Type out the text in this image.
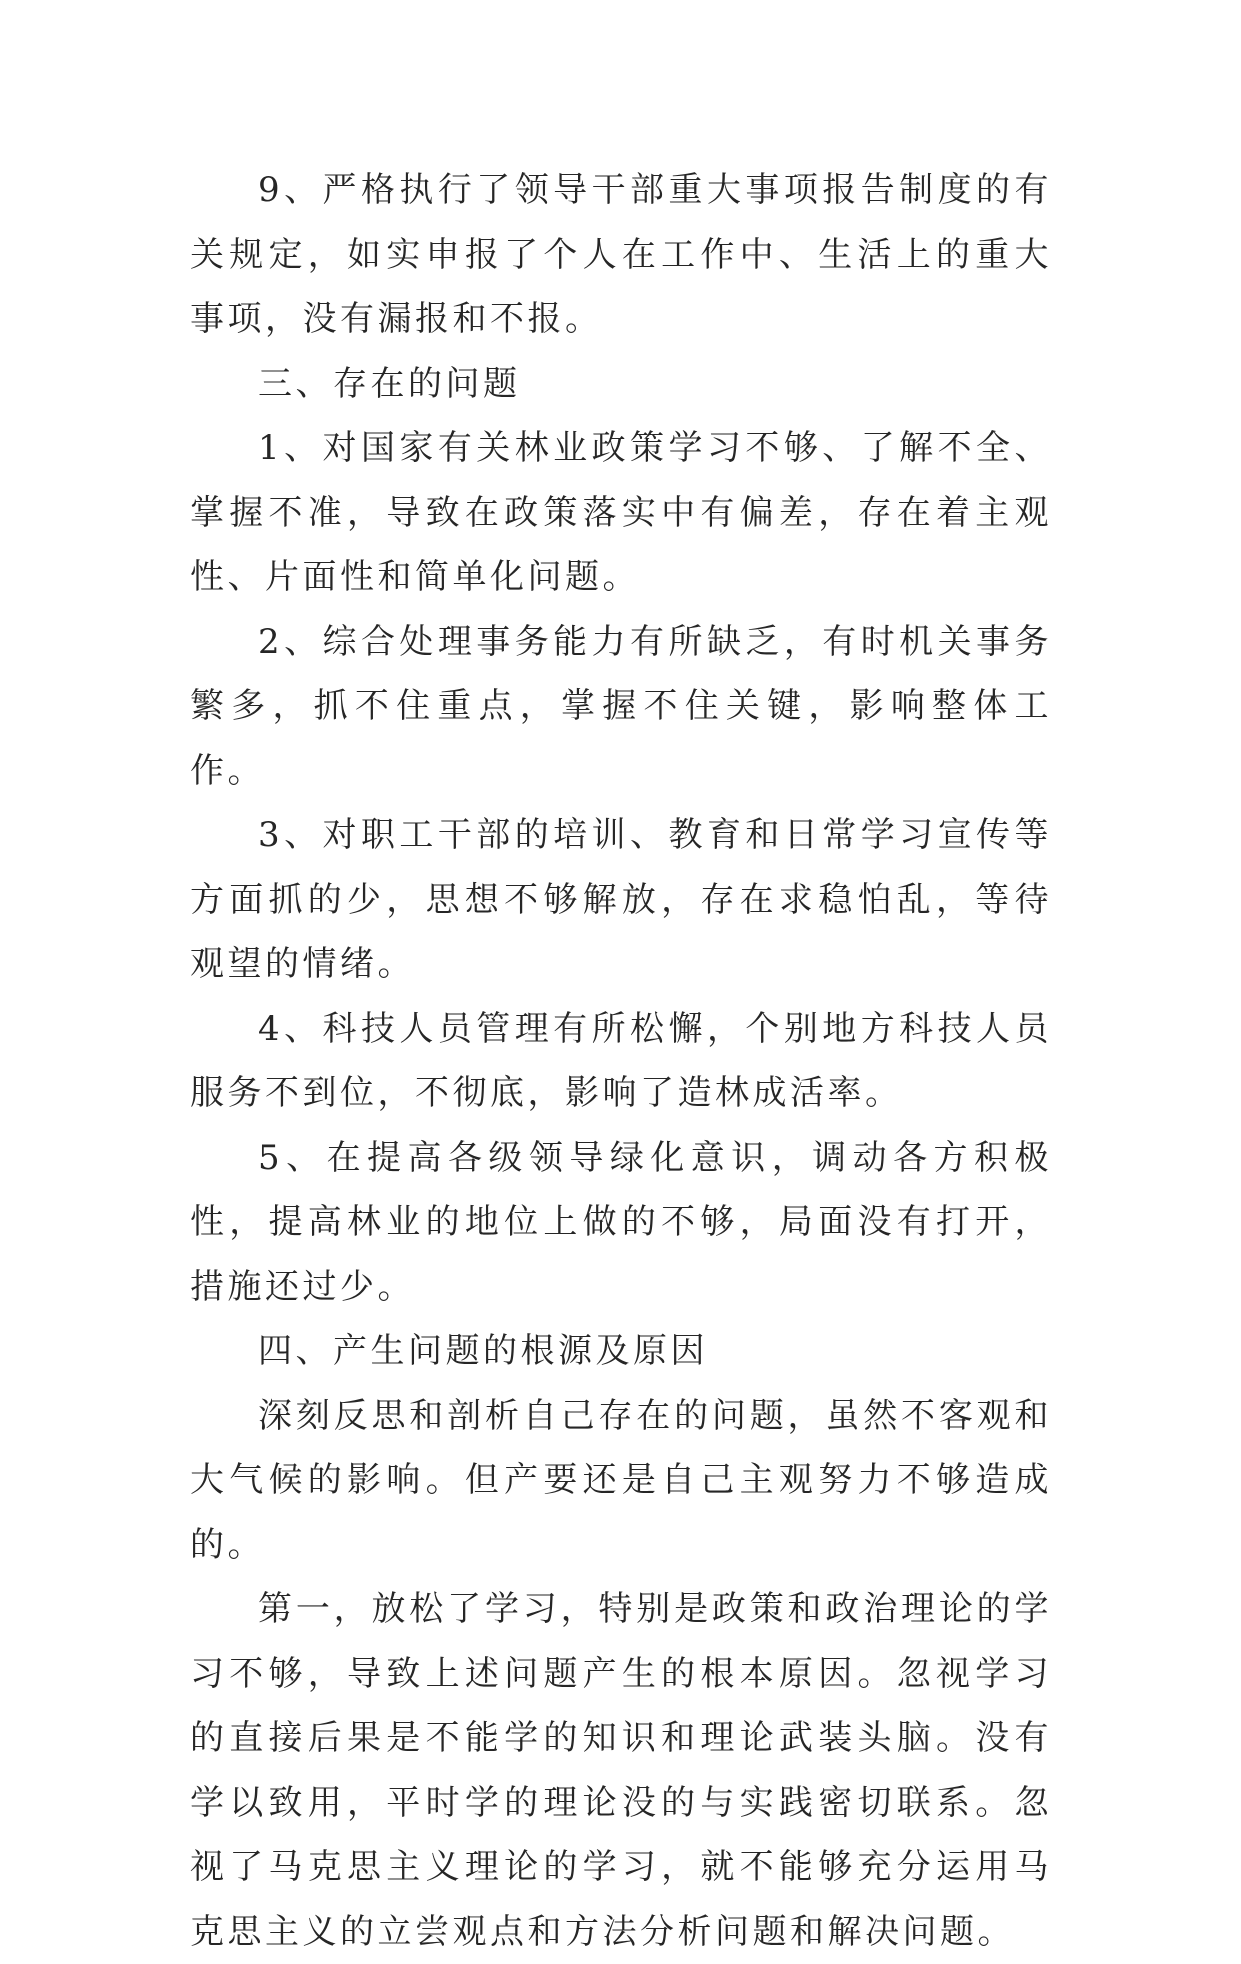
9、严格执行了领导干部重大事项报告制度的有关规定，如实申报了个人在工作中、生活上的重大事项，没有漏报和不报。

三、存在的问题

1、对国家有关林业政策学习不够、了解不全、掌握不准，导致在政策落实中有偏差，存在着主观性、片面性和简单化问题。

2、综合处理事务能力有所缺乏，有时机关事务繁多，抓不住重点，掌握不住关键，影响整体工作。

3、对职工干部的培训、教育和日常学习宣传等方面抓的少，思想不够解放，存在求稳怕乱，等待观望的情绪。

4、科技人员管理有所松懈，个别地方科技人员服务不到位，不彻底，影响了造林成活率。

5、在提高各级领导绿化意识，调动各方积极性，提高林业的地位上做的不够，局面没有打开，措施还过少。

四、产生问题的根源及原因

深刻反思和剖析自己存在的问题，虽然不客观和大气候的影响。但产要还是自己主观努力不够造成的。

第一，放松了学习，特别是政策和政治理论的学习不够，导致上述问题产生的根本原因。忽视学习的直接后果是不能学的知识和理论武装头脑。没有学以致用，平时学的理论没的与实践密切联系。忽视了马克思主义理论的学习，就不能够充分运用马克思主义的立尝观点和方法分析问题和解决问题。
